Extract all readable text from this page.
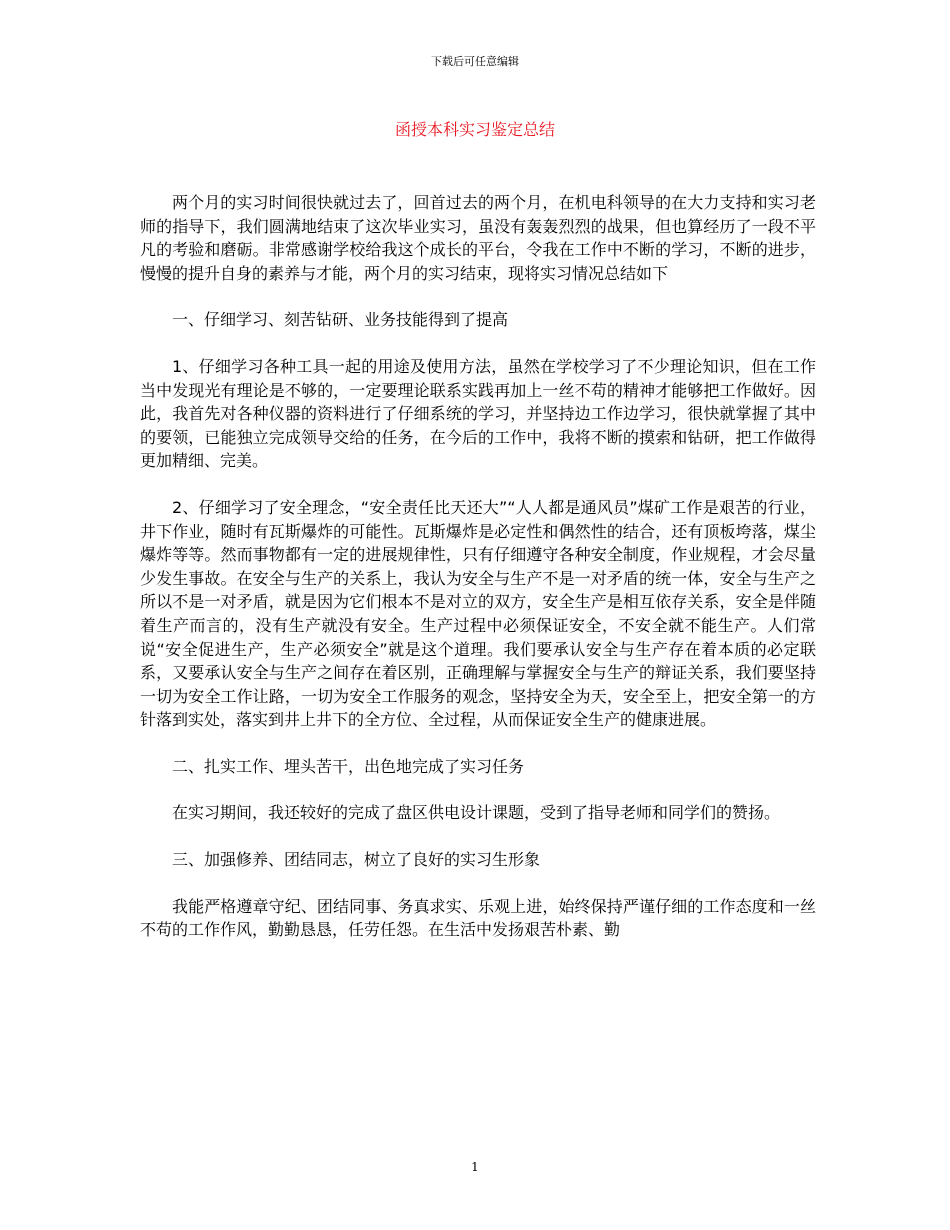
下载后可任意编辑
函授本科实习鉴定总结

两个月的实习时间很快就过去了，回首过去的两个月，在机电科领导的在大力支持和实习老师的指导下，我们圆满地结束了这次毕业实习，虽没有轰轰烈烈的战果，但也算经历了一段不平凡的考验和磨砺。非常感谢学校给我这个成长的平台，令我在工作中不断的学习，不断的进步，慢慢的提升自身的素养与才能，两个月的实习结束，现将实习情况总结如下

一、仔细学习、刻苦钻研、业务技能得到了提高

1、仔细学习各种工具一起的用途及使用方法，虽然在学校学习了不少理论知识，但在工作当中发现光有理论是不够的，一定要理论联系实践再加上一丝不苟的精神才能够把工作做好。因此，我首先对各种仪器的资料进行了仔细系统的学习，并坚持边工作边学习，很快就掌握了其中的要领，已能独立完成领导交给的任务，在今后的工作中，我将不断的摸索和钻研，把工作做得更加精细、完美。

2、仔细学习了安全理念，“安全责任比天还大”“人人都是通风员”煤矿工作是艰苦的行业，井下作业，随时有瓦斯爆炸的可能性。瓦斯爆炸是必定性和偶然性的结合，还有顶板垮落，煤尘爆炸等等。然而事物都有一定的进展规律性，只有仔细遵守各种安全制度，作业规程，才会尽量少发生事故。在安全与生产的关系上，我认为安全与生产不是一对矛盾的统一体，安全与生产之所以不是一对矛盾，就是因为它们根本不是对立的双方，安全生产是相互依存关系，安全是伴随着生产而言的，没有生产就没有安全。生产过程中必须保证安全，不安全就不能生产。人们常说“安全促进生产，生产必须安全”就是这个道理。我们要承认安全与生产存在着本质的必定联系，又要承认安全与生产之间存在着区别，正确理解与掌握安全与生产的辩证关系，我们要坚持一切为安全工作让路，一切为安全工作服务的观念，坚持安全为天，安全至上，把安全第一的方针落到实处，落实到井上井下的全方位、全过程，从而保证安全生产的健康进展。

二、扎实工作、埋头苦干，出色地完成了实习任务

在实习期间，我还较好的完成了盘区供电设计课题，受到了指导老师和同学们的赞扬。

三、加强修养、团结同志，树立了良好的实习生形象

我能严格遵章守纪、团结同事、务真求实、乐观上进，始终保持严谨仔细的工作态度和一丝不苟的工作作风，勤勤恳恳，任劳任怨。在生活中发扬艰苦朴素、勤

1
